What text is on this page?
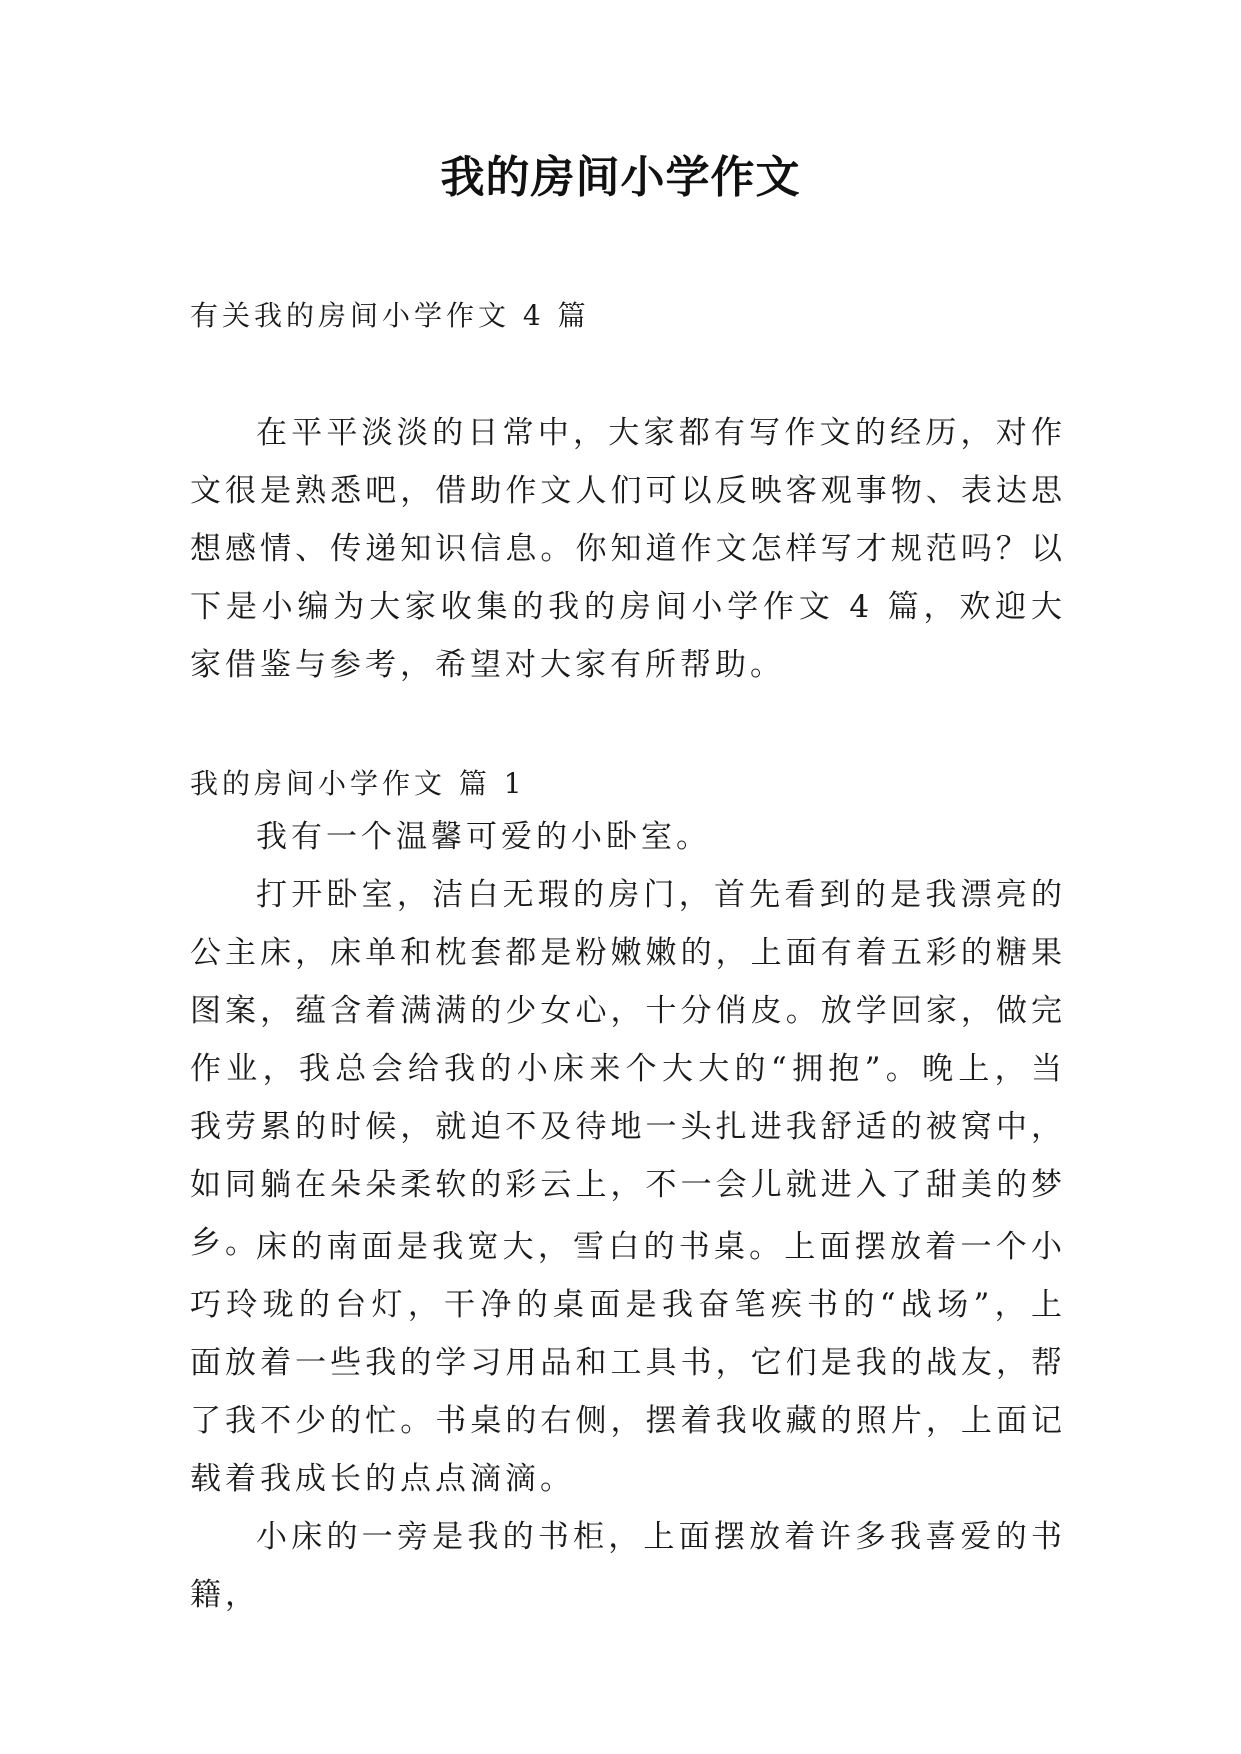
我的房间小学作文
有关我的房间小学作文 4 篇

在平平淡淡的日常中，大家都有写作文的经历，对作文很是熟悉吧，借助作文人们可以反映客观事物、表达思想感情、传递知识信息。你知道作文怎样写才规范吗？以下是小编为大家收集的我的房间小学作文 4 篇，欢迎大家借鉴与参考，希望对大家有所帮助。

我的房间小学作文 篇 1

我有一个温馨可爱的小卧室。

打开卧室，洁白无瑕的房门，首先看到的是我漂亮的公主床，床单和枕套都是粉嫩嫩的，上面有着五彩的糖果图案，蕴含着满满的少女心，十分俏皮。放学回家，做完作业，我总会给我的小床来个大大的“拥抱”。晚上，当我劳累的时候，就迫不及待地一头扎进我舒适的被窝中，如同躺在朵朵柔软的彩云上，不一会儿就进入了甜美的梦乡。

床的南面是我宽大，雪白的书桌。上面摆放着一个小巧玲珑的台灯，干净的桌面是我奋笔疾书的“战场”，上面放着一些我的学习用品和工具书，它们是我的战友，帮了我不少的忙。书桌的右侧，摆着我收藏的照片，上面记载着我成长的点点滴滴。

小床的一旁是我的书柜，上面摆放着许多我喜爱的书籍，
